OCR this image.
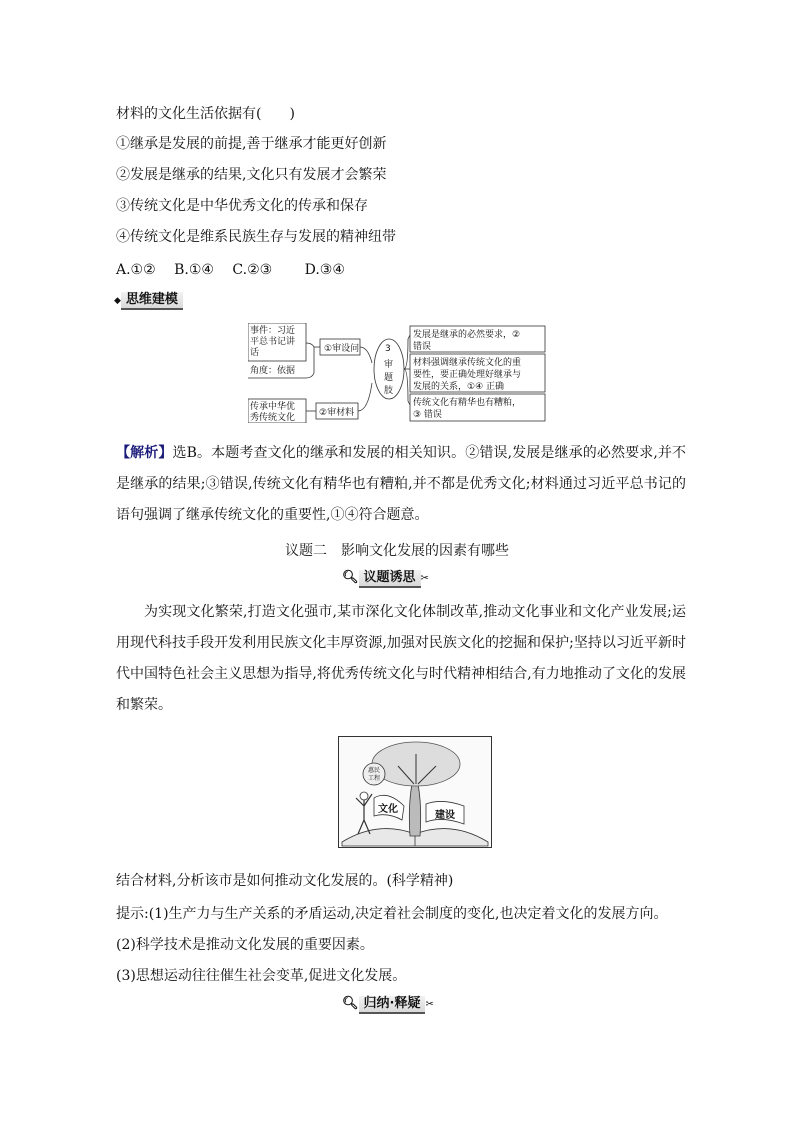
材料的文化生活依据有(　　)
①继承是发展的前提,善于继承才能更好创新
②发展是继承的结果,文化只有发展才会繁荣
③传统文化是中华优秀文化的传承和保存
④传统文化是维系民族生存与发展的精神纽带
A.①②　 B.①④　 C.②③　　 D.③④
◆ 思维建模
事件：习近
平总书记讲
话
角度：依据
传承中华优
秀传统文化
①审设问
②审材料
3
审
题
肢
发展是继承的必然要求，②
错误
材料强调继承传统文化的重
要性，要正确处理好继承与
发展的关系，①④ 正确
传统文化有精华也有糟粕，
③ 错误
【解析】选B。本题考查文化的继承和发展的相关知识。②错误,发展是继承的必然要求,并不是继承的结果;③错误,传统文化有精华也有糟粕,并不都是优秀文化;材料通过习近平总书记的语句强调了继承传统文化的重要性,①④符合题意。
议题二　影响文化发展的因素有哪些
🔍︎ 议题诱思 ✂
为实现文化繁荣,打造文化强市,某市深化文化体制改革,推动文化事业和文化产业发展;运用现代科技手段开发利用民族文化丰厚资源,加强对民族文化的挖掘和保护;坚持以习近平新时代中国特色社会主义思想为指导,将优秀传统文化与时代精神相结合,有力地推动了文化的发展和繁荣。
惠民
工程
文化
建设
结合材料,分析该市是如何推动文化发展的。(科学精神)
提示:(1)生产力与生产关系的矛盾运动,决定着社会制度的变化,也决定着文化的发展方向。
(2)科学技术是推动文化发展的重要因素。
(3)思想运动往往催生社会变革,促进文化发展。
🔍︎ 归纳·释疑 ✂
